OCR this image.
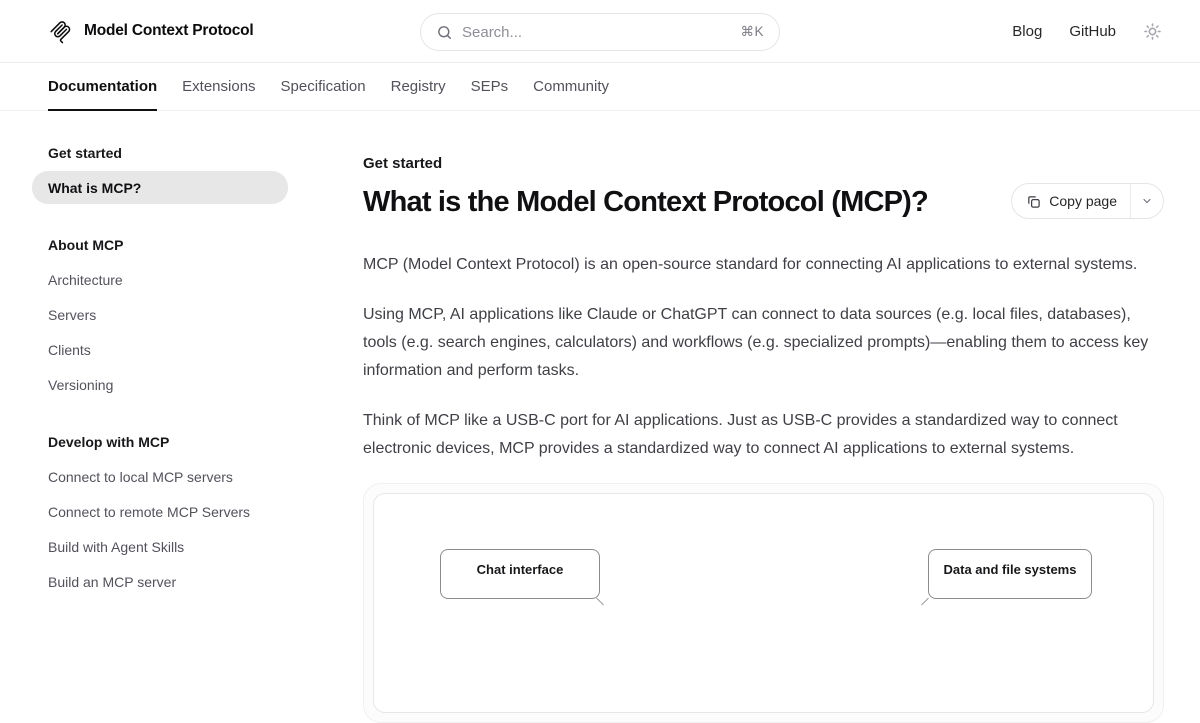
Model Context Protocol	Search...	⌘K	Blog GitHub
Documentation Extensions Specification Registry SEPs Community
Get started
What is MCP?
About MCP
Architecture
Servers
Clients
Versioning
Develop with MCP
Connect to local MCP servers
Connect to remote MCP Servers
Build with Agent Skills
Build an MCP server
Get started
What is the Model Context Protocol (MCP)?	Copy page

MCP (Model Context Protocol) is an open-source standard for connecting AI applications to external systems.

Using MCP, AI applications like Claude or ChatGPT can connect to data sources (e.g. local files, databases), tools (e.g. search engines, calculators) and workflows (e.g. specialized prompts)—enabling them to access key information and perform tasks.

Think of MCP like a USB-C port for AI applications. Just as USB-C provides a standardized way to connect electronic devices, MCP provides a standardized way to connect AI applications to external systems.

Chat interface	Data and file systems
